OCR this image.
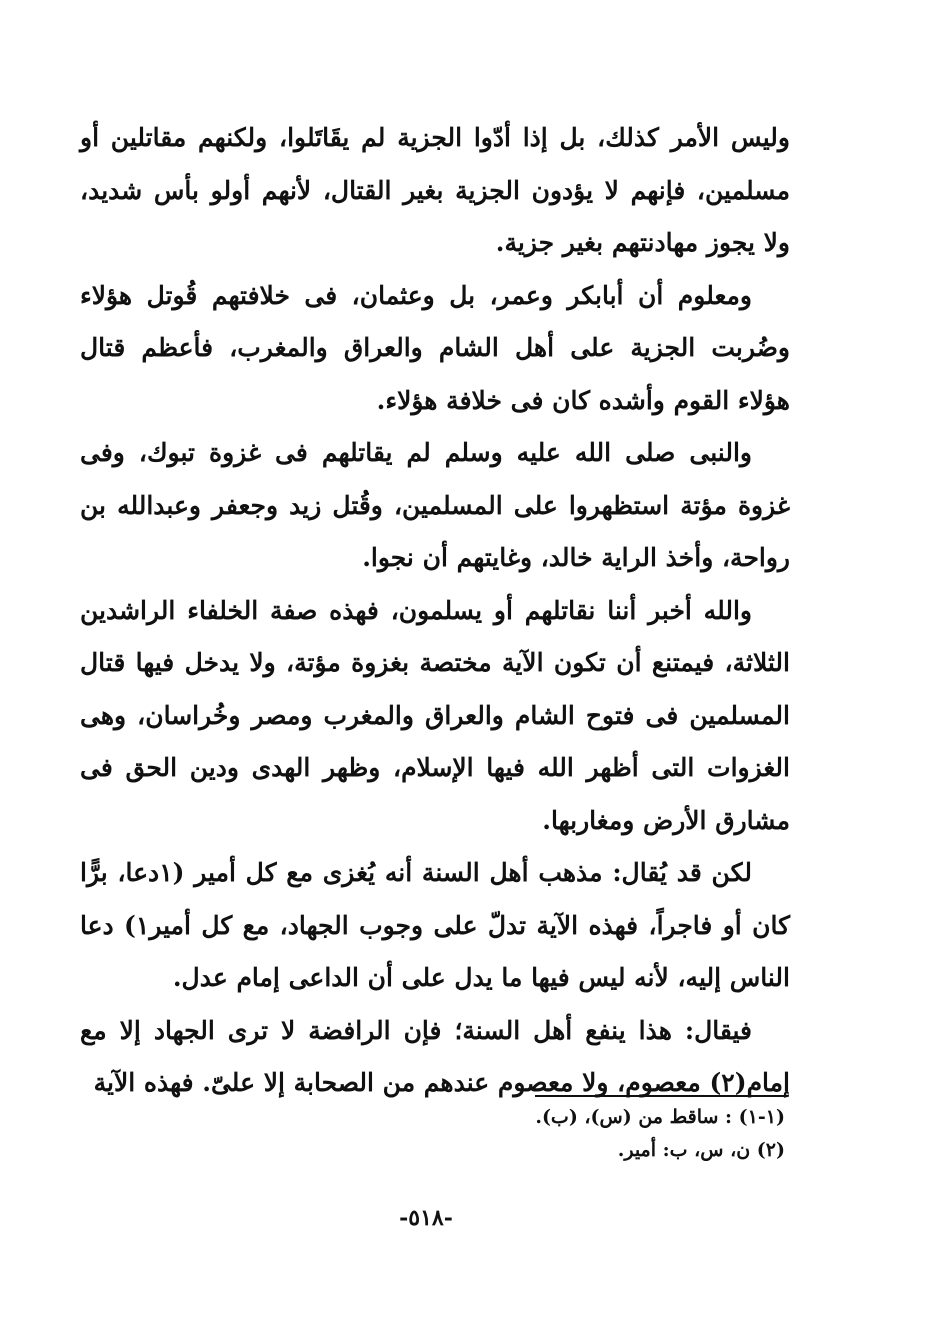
وليس الأمر كذلك، بل إذا أدّوا الجزية لم يقَاتَلوا، ولكنهم مقاتلين أو مسلمين، فإنهم لا يؤدون الجزية بغير القتال، لأنهم أولو بأس شديد، ولا يجوز مهادنتهم بغير جزية.

ومعلوم أن أبابكر وعمر، بل وعثمان، فى خلافتهم قُوتل هؤلاء وضُربت الجزية على أهل الشام والعراق والمغرب، فأعظم قتال هؤلاء القوم وأشده كان فى خلافة هؤلاء.

والنبى صلى الله عليه وسلم لم يقاتلهم فى غزوة تبوك، وفى غزوة مؤتة استظهروا على المسلمين، وقُتل زيد وجعفر وعبدالله بن رواحة، وأخذ الراية خالد، وغايتهم أن نجوا.

والله أخبر أننا نقاتلهم أو يسلمون، فهذه صفة الخلفاء الراشدين الثلاثة، فيمتنع أن تكون الآية مختصة بغزوة مؤتة، ولا يدخل فيها قتال المسلمين فى فتوح الشام والعراق والمغرب ومصر وخُراسان، وهى الغزوات التى أظهر الله فيها الإسلام، وظهر الهدى ودين الحق فى مشارق الأرض ومغاربها.

لكن قد يُقال: مذهب أهل السنة أنه يُغزى مع كل أمير (١دعا، برًّا كان أو فاجراً، فهذه الآية تدلّ على وجوب الجهاد، مع كل أمير١) دعا الناس إليه، لأنه ليس فيها ما يدل على أن الداعى إمام عدل.

فيقال: هذا ينفع أهل السنة؛ فإن الرافضة لا ترى الجهاد إلا مع إمام(٢) معصوم، ولا معصوم عندهم من الصحابة إلا علىّ. فهذه الآية

(١-١) : ساقط من (س)، (ب).
(٢) ن، س، ب: أمير.
-٥١٨-
